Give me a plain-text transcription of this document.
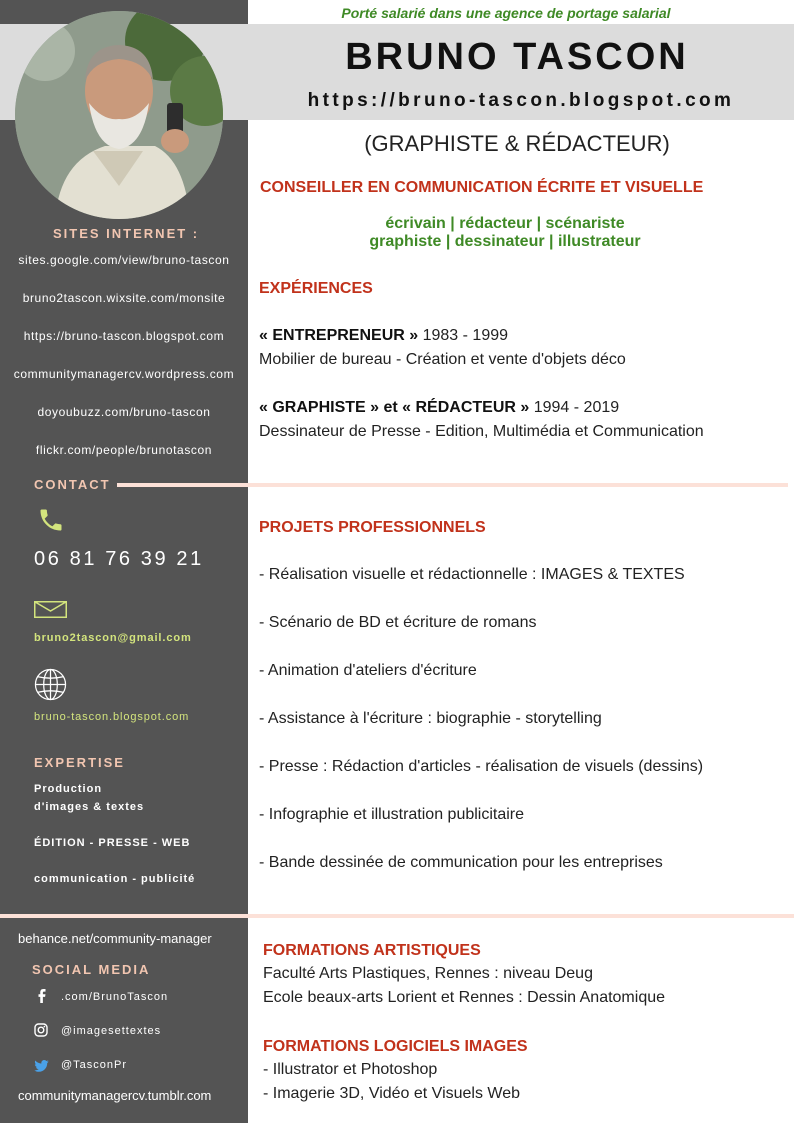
Porté salarié dans une agence de portage salarial
BRUNO TASCON
https://bruno-tascon.blogspot.com
(GRAPHISTE & RÉDACTEUR)
CONSEILLER EN COMMUNICATION ÉCRITE ET VISUELLE
écrivain | rédacteur | scénariste
graphiste | dessinateur | illustrateur
SITES INTERNET :
sites.google.com/view/bruno-tascon
bruno2tascon.wixsite.com/monsite
https://bruno-tascon.blogspot.com
communitymanagercv.wordpress.com
doyoubuzz.com/bruno-tascon
flickr.com/people/brunotascon
CONTACT
06 81 76 39 21
bruno2tascon@gmail.com
bruno-tascon.blogspot.com
EXPERTISE
Production
d'images & textes
ÉDITION - PRESSE - WEB
communication - publicité
behance.net/community-manager
SOCIAL MEDIA
.com/BrunoTascon
@imagesettextes
@TasconPr
communitymanagercv.tumblr.com
EXPÉRIENCES
« ENTREPRENEUR » 1983 - 1999
Mobilier de bureau - Création et vente d'objets déco
« GRAPHISTE » et « RÉDACTEUR » 1994 - 2019
Dessinateur de Presse - Edition, Multimédia et Communication
PROJETS PROFESSIONNELS
- Réalisation visuelle et rédactionnelle : IMAGES & TEXTES
- Scénario de BD et écriture de romans
- Animation d'ateliers d'écriture
- Assistance à l'écriture : biographie - storytelling
- Presse : Rédaction d'articles - réalisation de visuels (dessins)
- Infographie et illustration publicitaire
- Bande dessinée de communication pour les entreprises
FORMATIONS ARTISTIQUES
Faculté Arts Plastiques, Rennes : niveau Deug
Ecole beaux-arts Lorient et Rennes : Dessin Anatomique
FORMATIONS LOGICIELS IMAGES
- Illustrator et Photoshop
- Imagerie 3D, Vidéo et Visuels Web
